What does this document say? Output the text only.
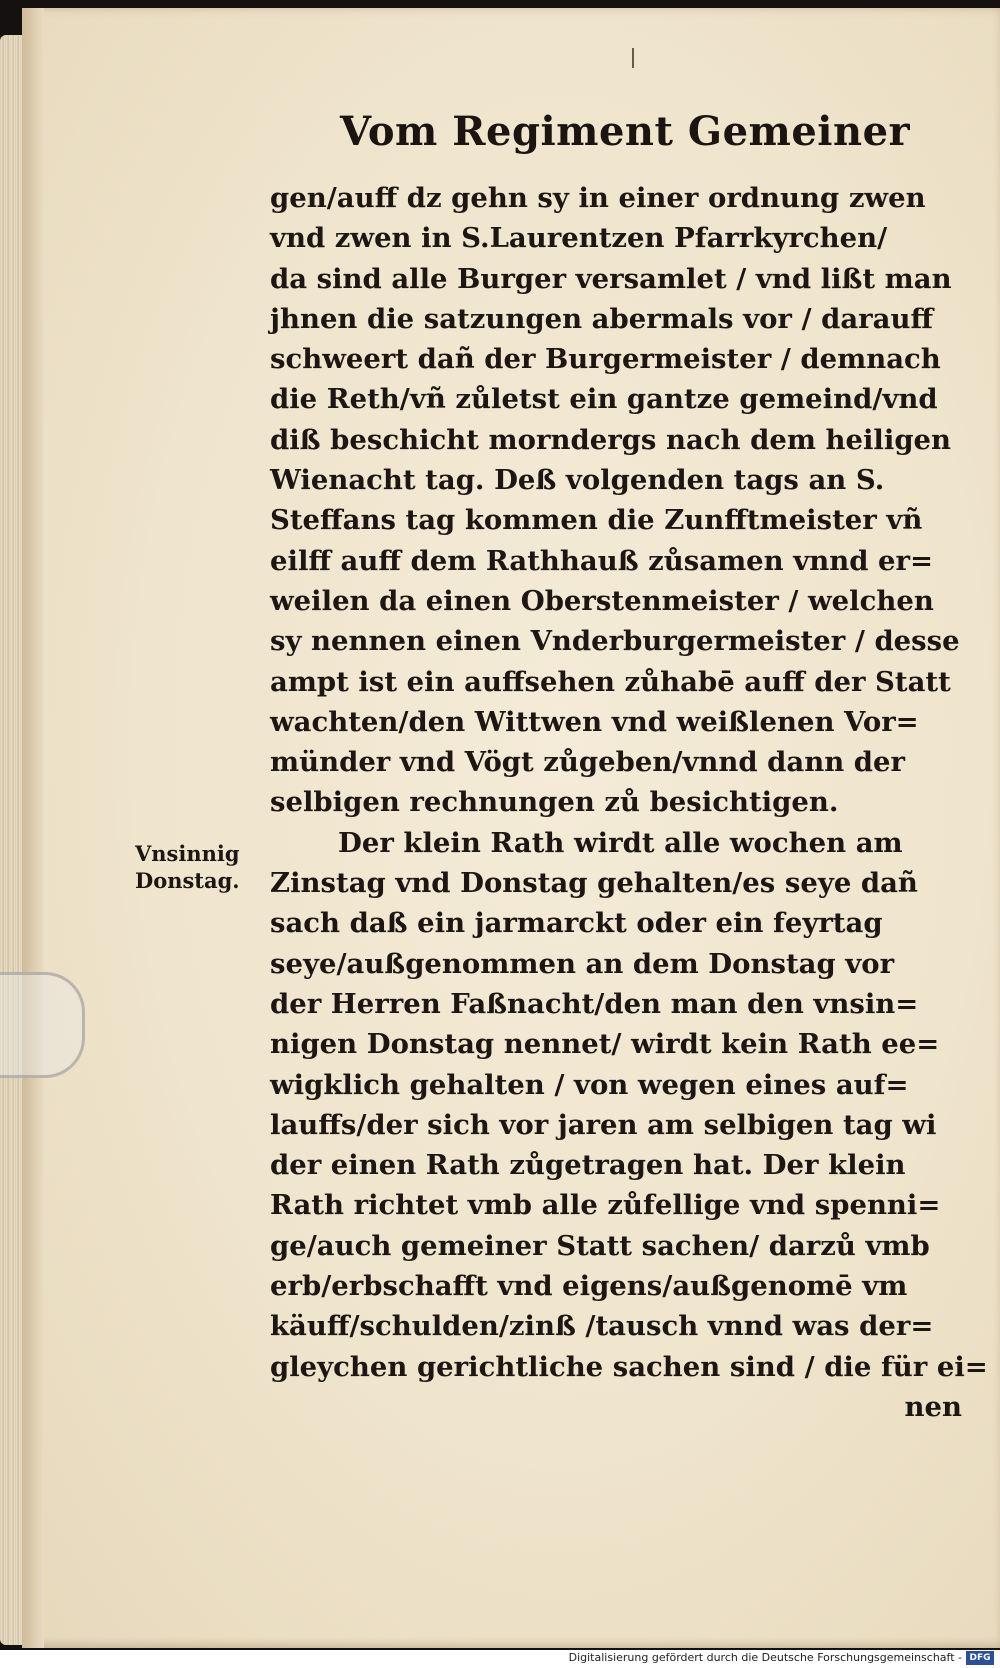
Vom Regiment Gemeiner
Vnsinnig
Donstag.
gen/auff dz gehn sy in einer ordnung zwen
vnd zwen in S.Laurentzen Pfarrkyrchen/
da sind alle Burger versamlet / vnd lißt man
jhnen die satzungen abermals vor / darauff
schweert dañ der Burgermeister / demnach
die Reth/vñ zůletst ein gantze gemeind/vnd
diß beschicht morndergs nach dem heiligen
Wienacht tag. Deß volgenden tags an S.
Steffans tag kommen die Zunfftmeister vñ
eilff auff dem Rathhauß zůsamen vnnd er=
weilen da einen Oberstenmeister / welchen
sy nennen einen Vnderburgermeister / desse
ampt ist ein auffsehen zůhabē auff der Statt
wachten/den Wittwen vnd weißlenen Vor=
münder vnd Vögt zůgeben/vnnd dann der
selbigen rechnungen zů besichtigen.
Der klein Rath wirdt alle wochen am
Zinstag vnd Donstag gehalten/es seye dañ
sach daß ein jarmarckt oder ein feyrtag
seye/außgenommen an dem Donstag vor
der Herren Faßnacht/den man den vnsin=
nigen Donstag nennet/ wirdt kein Rath ee=
wigklich gehalten / von wegen eines auf=
lauffs/der sich vor jaren am selbigen tag wi
der einen Rath zůgetragen hat. Der klein
Rath richtet vmb alle zůfellige vnd spenni=
ge/auch gemeiner Statt sachen/ darzů vmb
erb/erbschafft vnd eigens/außgenomē vm
käuff/schulden/zinß /tausch vnnd was der=
gleychen gerichtliche sachen sind / die für ei=
nen
Digitalisierung gefördert durch die Deutsche Forschungsgemeinschaft - DFG
